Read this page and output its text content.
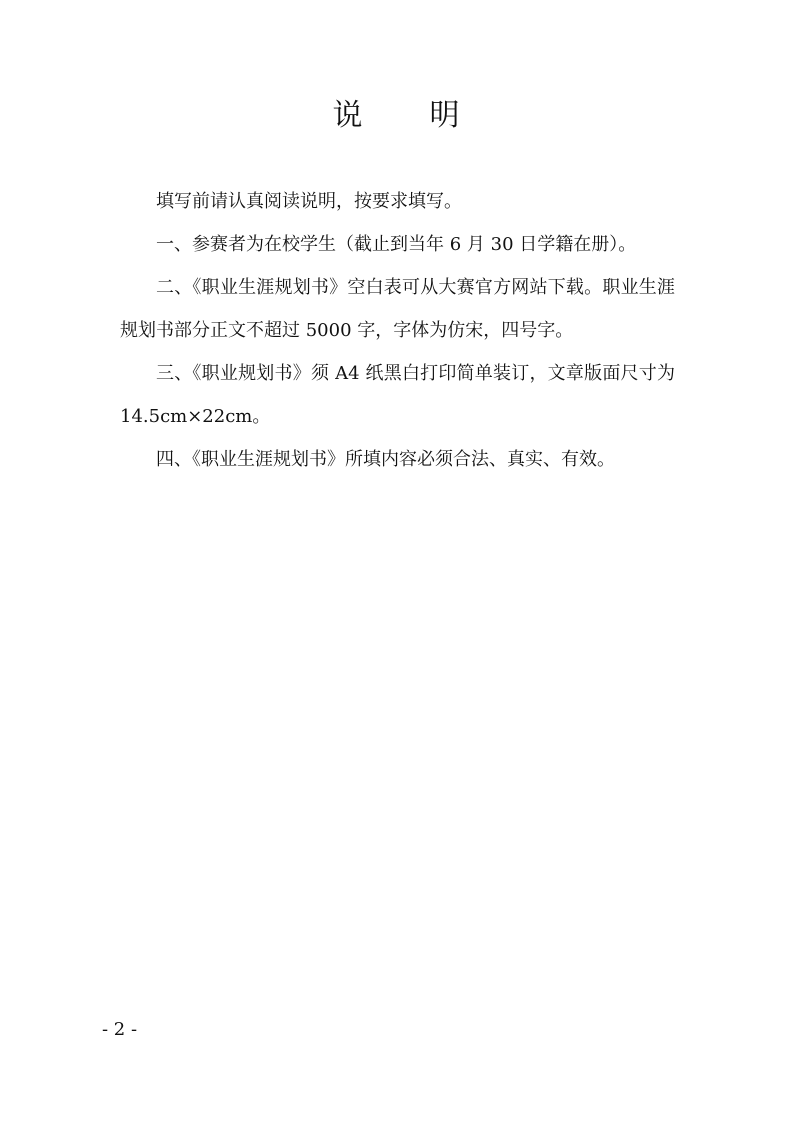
说 明

填写前请认真阅读说明，按要求填写。

一、参赛者为在校学生（截止到当年 6 月 30 日学籍在册）。

二、《职业生涯规划书》空白表可从大赛官方网站下载。职业生涯规划书部分正文不超过 5000 字，字体为仿宋，四号字。

三、《职业规划书》须 A4 纸黑白打印简单装订，文章版面尺寸为 14.5cm×22cm。

四、《职业生涯规划书》所填内容必须合法、真实、有效。

- 2 -
